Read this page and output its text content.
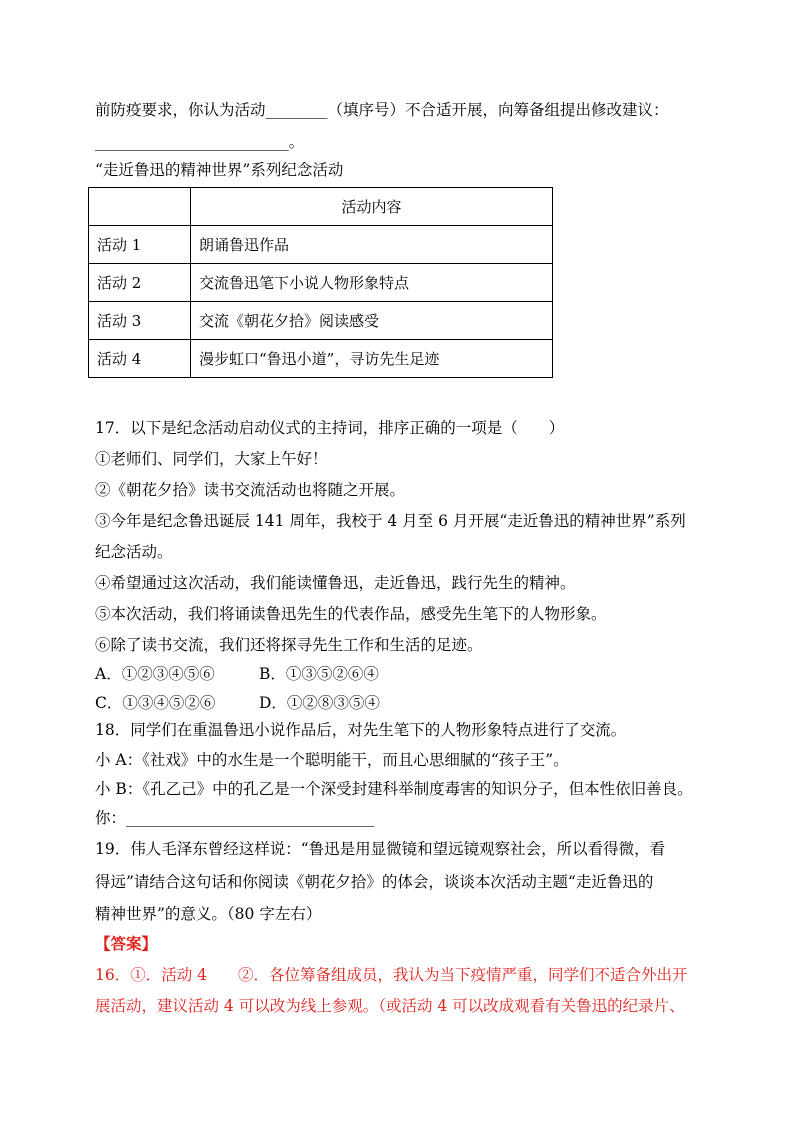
前防疫要求，你认为活动________（填序号）不合适开展，向筹备组提出修改建议：
_________________________。
“走近鲁迅的精神世界”系列纪念活动
	活动内容
活动 1	朗诵鲁迅作品
活动 2	交流鲁迅笔下小说人物形象特点
活动 3	交流《朝花夕拾》阅读感受
活动 4	漫步虹口“鲁迅小道”，寻访先生足迹
17．以下是纪念活动启动仪式的主持词，排序正确的一项是（　　）
①老师们、同学们，大家上午好！
②《朝花夕拾》读书交流活动也将随之开展。
③今年是纪念鲁迅诞辰 141 周年，我校于 4 月至 6 月开展“走近鲁迅的精神世界”系列
纪念活动。
④希望通过这次活动，我们能读懂鲁迅，走近鲁迅，践行先生的精神。
⑤本次活动，我们将诵读鲁迅先生的代表作品，感受先生笔下的人物形象。
⑥除了读书交流，我们还将探寻先生工作和生活的足迹。
A．①②③④⑤⑥	B．①③⑤②⑥④
C．①③④⑤②⑥	D．①②⑧③⑤④
18．同学们在重温鲁迅小说作品后，对先生笔下的人物形象特点进行了交流。
小 A：《社戏》中的水生是一个聪明能干，而且心思细腻的“孩子王”。
小 B：《孔乙己》中的孔乙是一个深受封建科举制度毒害的知识分子，但本性依旧善良。
你：________________________________
19．伟人毛泽东曾经这样说：“鲁迅是用显微镜和望远镜观察社会，所以看得微，看
得远”请结合这句话和你阅读《朝花夕拾》的体会，谈谈本次活动主题“走近鲁迅的
精神世界”的意义。（80 字左右）
【答案】
16．①．活动 4　　②．各位筹备组成员，我认为当下疫情严重，同学们不适合外出开
展活动，建议活动 4 可以改为线上参观。（或活动 4 可以改成观看有关鲁迅的纪录片、
